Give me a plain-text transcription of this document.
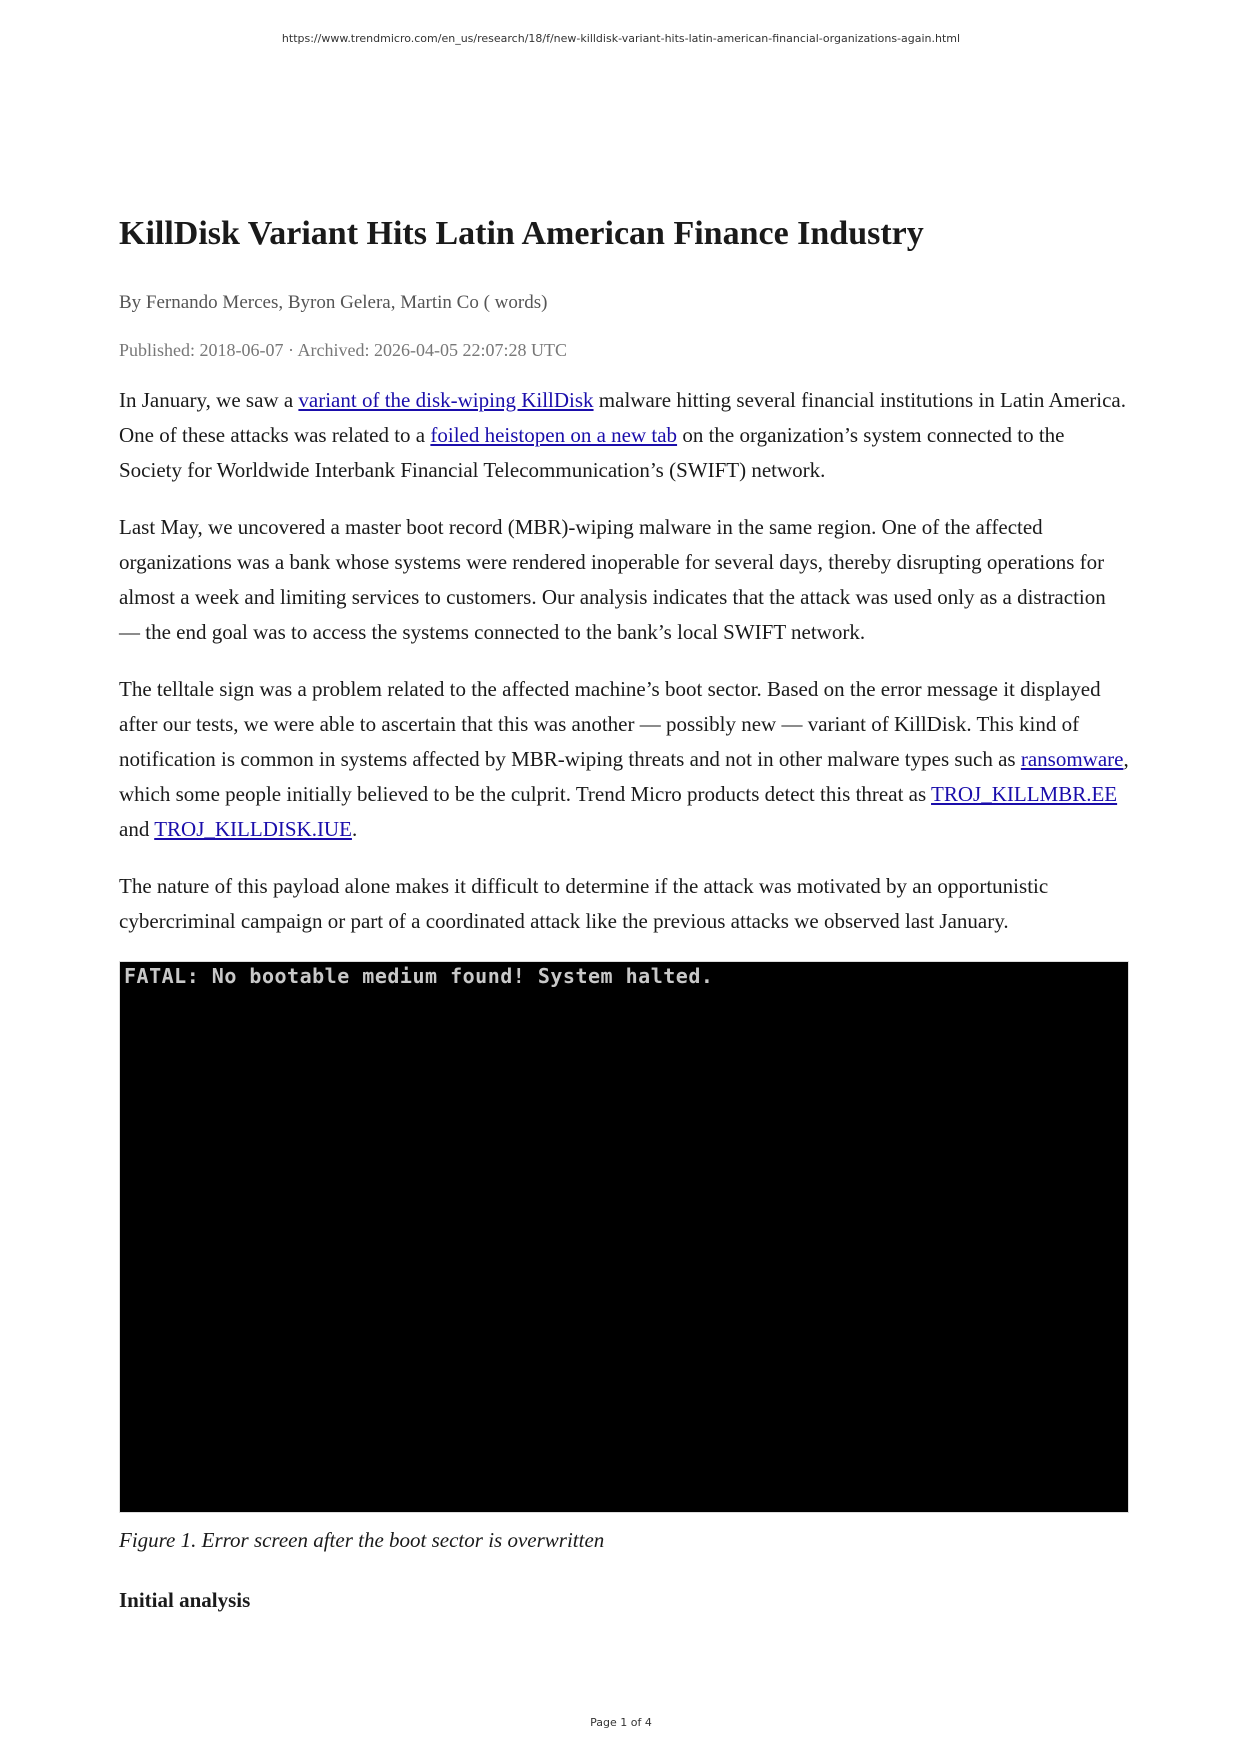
https://www.trendmicro.com/en_us/research/18/f/new-killdisk-variant-hits-latin-american-financial-organizations-again.html
KillDisk Variant Hits Latin American Finance Industry
By Fernando Merces, Byron Gelera, Martin Co ( words)
Published: 2018-06-07 · Archived: 2026-04-05 22:07:28 UTC

In January, we saw a variant of the disk-wiping KillDisk malware hitting several financial institutions in Latin America. One of these attacks was related to a foiled heistopen on a new tab on the organization’s system connected to the Society for Worldwide Interbank Financial Telecommunication’s (SWIFT) network.

Last May, we uncovered a master boot record (MBR)-wiping malware in the same region. One of the affected organizations was a bank whose systems were rendered inoperable for several days, thereby disrupting operations for almost a week and limiting services to customers. Our analysis indicates that the attack was used only as a distraction — the end goal was to access the systems connected to the bank’s local SWIFT network.

The telltale sign was a problem related to the affected machine’s boot sector. Based on the error message it displayed after our tests, we were able to ascertain that this was another — possibly new — variant of KillDisk. This kind of notification is common in systems affected by MBR-wiping threats and not in other malware types such as ransomware, which some people initially believed to be the culprit. Trend Micro products detect this threat as TROJ_KILLMBR.EE and TROJ_KILLDISK.IUE.

The nature of this payload alone makes it difficult to determine if the attack was motivated by an opportunistic cybercriminal campaign or part of a coordinated attack like the previous attacks we observed last January.

FATAL: No bootable medium found! System halted.
Figure 1. Error screen after the boot sector is overwritten
Initial analysis
Page 1 of 4
